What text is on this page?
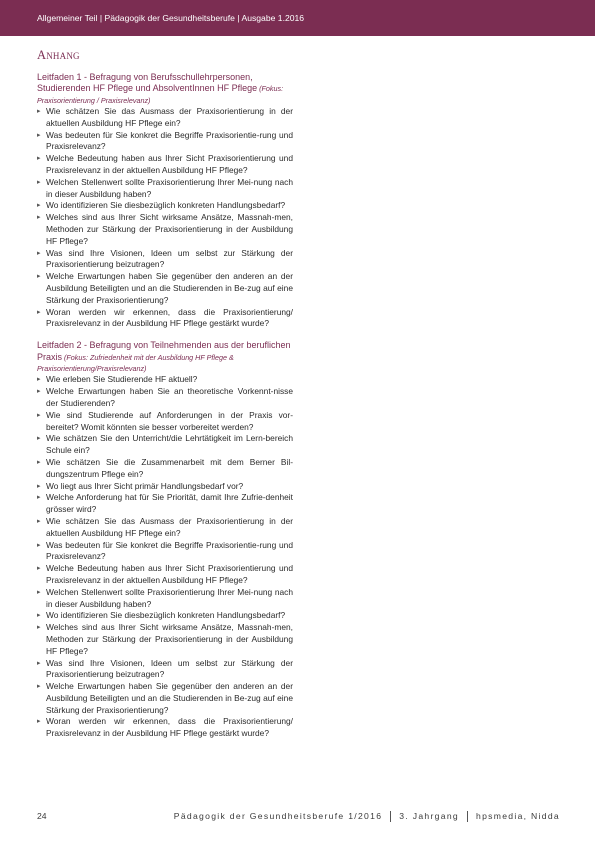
Allgemeiner Teil | Pädagogik der Gesundheitsberufe | Ausgabe 1.2016
Anhang

Leitfaden 1 - Befragung von Berufsschullehrpersonen, Studierenden HF Pflege und AbsolventInnen HF Pflege (Fokus: Praxisorientierung / Praxisrelevanz)

▸ Wie schätzen Sie das Ausmass der Praxisorientierung in der aktuellen Ausbildung HF Pflege ein?
▸ Was bedeuten für Sie konkret die Begriffe Praxisorientie-rung und Praxisrelevanz?
▸ Welche Bedeutung haben aus Ihrer Sicht Praxisorientierung und Praxisrelevanz in der aktuellen Ausbildung HF Pflege?
▸ Welchen Stellenwert sollte Praxisorientierung Ihrer Mei-nung nach in dieser Ausbildung haben?
▸ Wo identifizieren Sie diesbezüglich konkreten Handlungsbedarf?
▸ Welches sind aus Ihrer Sicht wirksame Ansätze, Massnah-men, Methoden zur Stärkung der Praxisorientierung in der Ausbildung HF Pflege?
▸ Was sind Ihre Visionen, Ideen um selbst zur Stärkung der Praxisorientierung beizutragen?
▸ Welche Erwartungen haben Sie gegenüber den anderen an der Ausbildung Beteiligten und an die Studierenden in Be-zug auf eine Stärkung der Praxisorientierung?
▸ Woran werden wir erkennen, dass die Praxisorientierung/ Praxisrelevanz in der Ausbildung HF Pflege gestärkt wurde?

Leitfaden 2 - Befragung von Teilnehmenden aus der beruflichen Praxis (Fokus: Zufriedenheit mit der Ausbildung HF Pflege & Praxisorientierung/Praxisrelevanz)

▸ Wie erleben Sie Studierende HF aktuell?
▸ Welche Erwartungen haben Sie an theoretische Vorkennt-nisse der Studierenden?
▸ Wie sind Studierende auf Anforderungen in der Praxis vor-bereitet? Womit könnten sie besser vorbereitet werden?
▸ Wie schätzen Sie den Unterricht/die Lehrtätigkeit im Lern-bereich Schule ein?
▸ Wie schätzen Sie die Zusammenarbeit mit dem Berner Bil-dungszentrum Pflege ein?
▸ Wo liegt aus Ihrer Sicht primär Handlungsbedarf vor?
▸ Welche Anforderung hat für Sie Priorität, damit Ihre Zufrie-denheit grösser wird?
▸ Wie schätzen Sie das Ausmass der Praxisorientierung in der aktuellen Ausbildung HF Pflege ein?
▸ Was bedeuten für Sie konkret die Begriffe Praxisorientie-rung und Praxisrelevanz?
▸ Welche Bedeutung haben aus Ihrer Sicht Praxisorientierung und Praxisrelevanz in der aktuellen Ausbildung HF Pflege?
▸ Welchen Stellenwert sollte Praxisorientierung Ihrer Mei-nung nach in dieser Ausbildung haben?
▸ Wo identifizieren Sie diesbezüglich konkreten Handlungsbedarf?
▸ Welches sind aus Ihrer Sicht wirksame Ansätze, Massnah-men, Methoden zur Stärkung der Praxisorientierung in der Ausbildung HF Pflege?
▸ Was sind Ihre Visionen, Ideen um selbst zur Stärkung der Praxisorientierung beizutragen?
▸ Welche Erwartungen haben Sie gegenüber den anderen an der Ausbildung Beteiligten und an die Studierenden in Be-zug auf eine Stärkung der Praxisorientierung?
▸ Woran werden wir erkennen, dass die Praxisorientierung/ Praxisrelevanz in der Ausbildung HF Pflege gestärkt wurde?
24	Pädagogik der Gesundheitsberufe 1/2016 3. Jahrgang hpsmedia, Nidda
